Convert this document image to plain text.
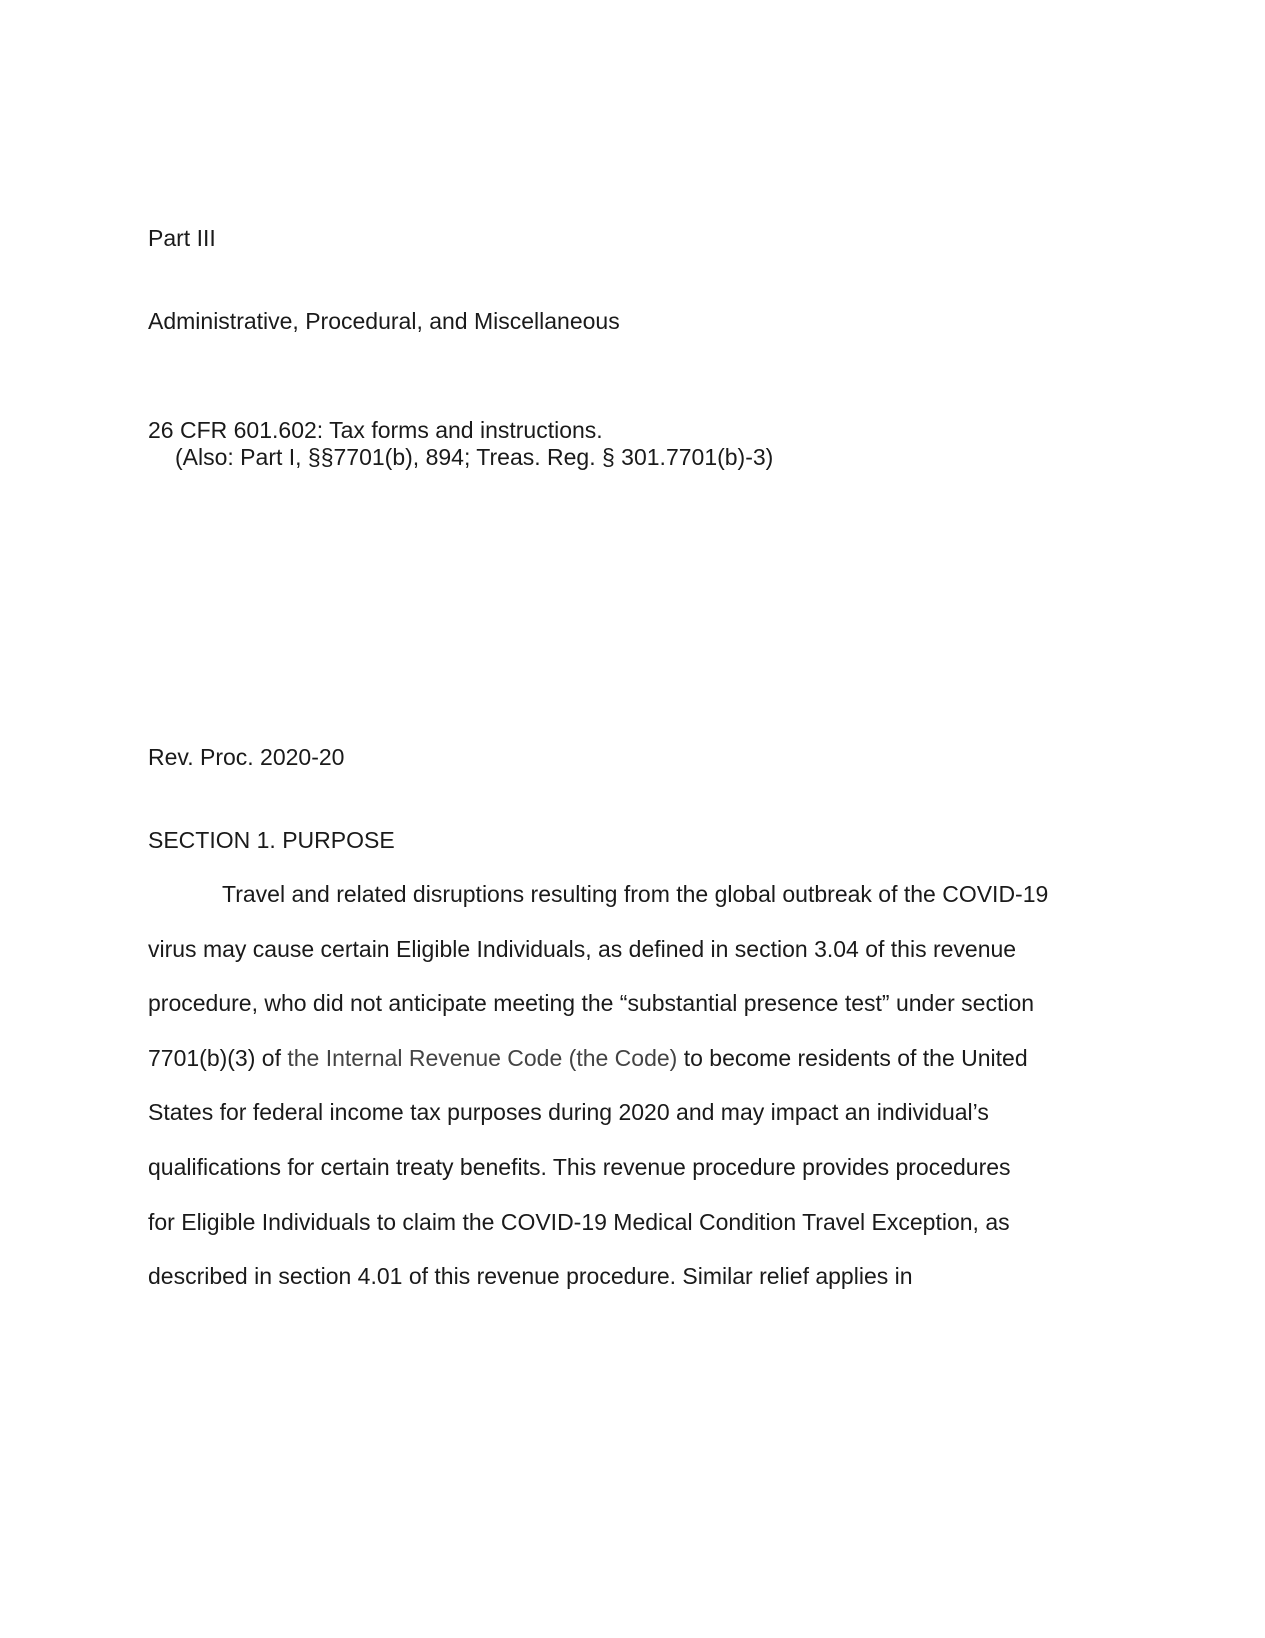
Part III

Administrative, Procedural, and Miscellaneous

26 CFR 601.602: Tax forms and instructions.

(Also: Part I, §§7701(b), 894; Treas. Reg. § 301.7701(b)-3)

Rev. Proc. 2020-20

SECTION 1. PURPOSE

Travel and related disruptions resulting from the global outbreak of the COVID-19

virus may cause certain Eligible Individuals, as defined in section 3.04 of this revenue

procedure, who did not anticipate meeting the “substantial presence test” under section

7701(b)(3) of the Internal Revenue Code (the Code) to become residents of the United

States for federal income tax purposes during 2020 and may impact an individual’s

qualifications for certain treaty benefits. This revenue procedure provides procedures

for Eligible Individuals to claim the COVID-19 Medical Condition Travel Exception, as

described in section 4.01 of this revenue procedure. Similar relief applies in
